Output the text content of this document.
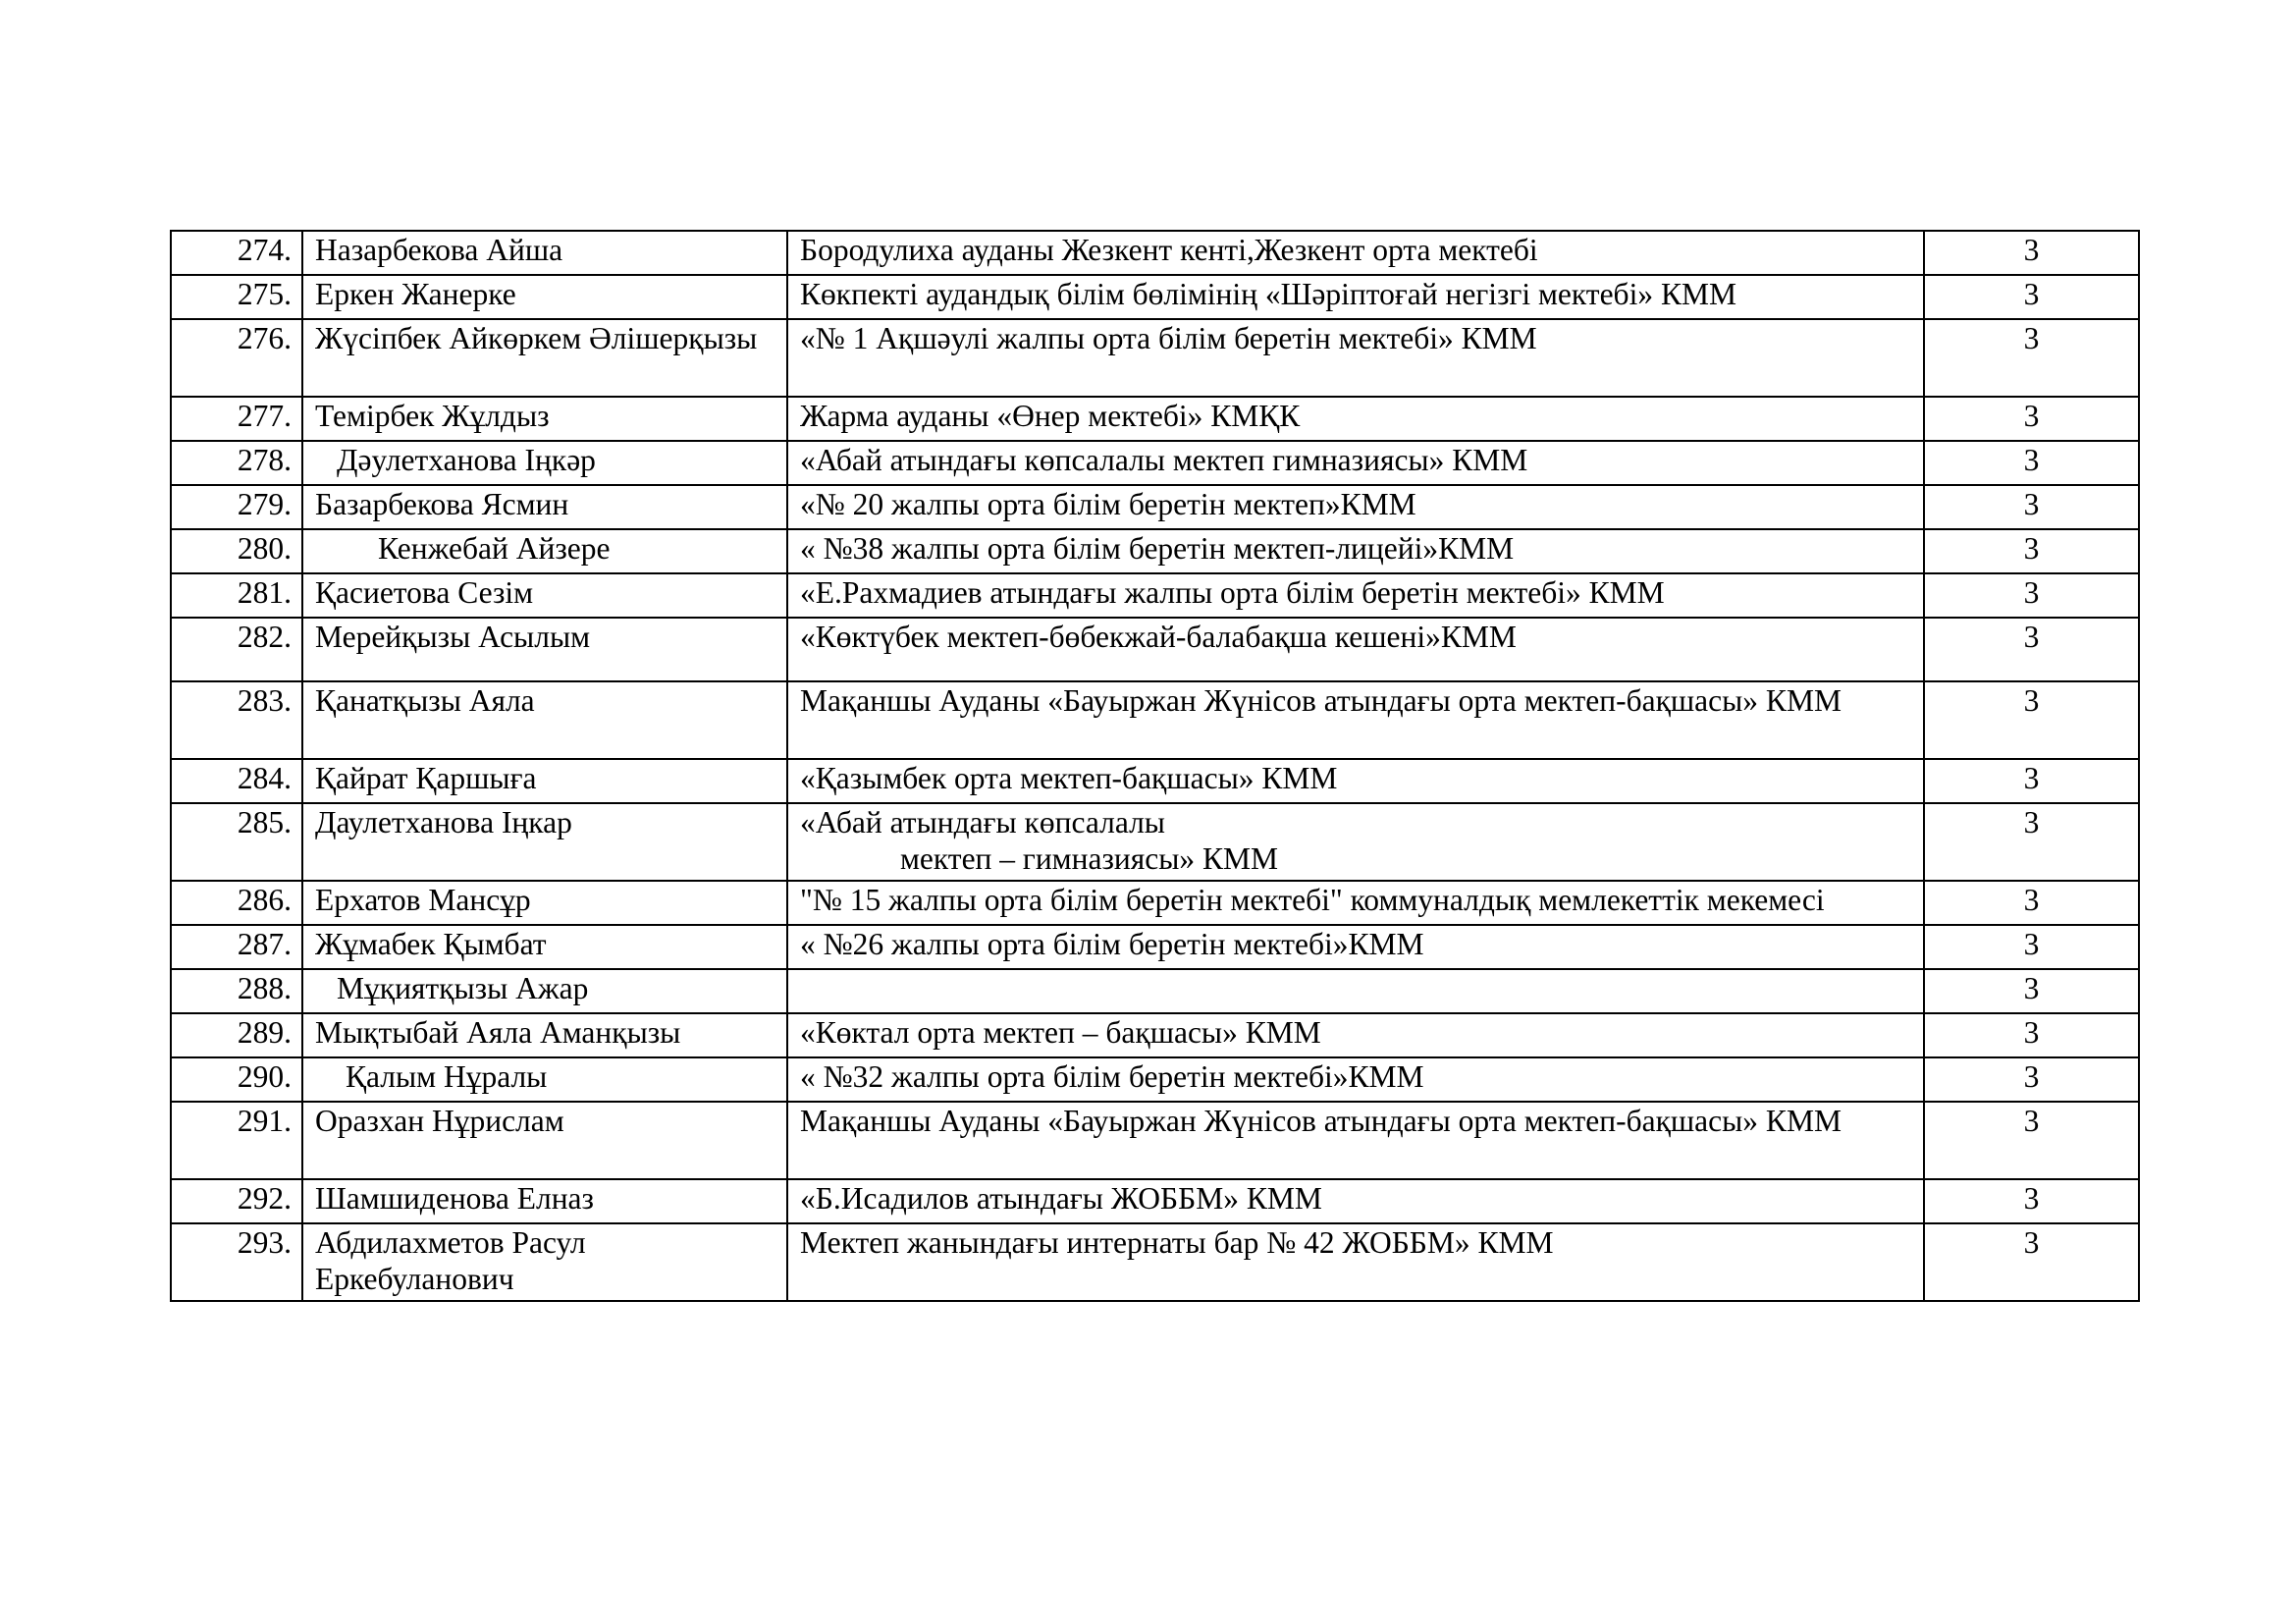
274.	Назарбекова Айша	Бородулиха ауданы Жезкент кенті,Жезкент орта мектебі	3
275.	Еркен Жанерке	Көкпекті аудандық білім бөлімінің «Шәріптоғай негізгі мектебі» КММ	3
276.	Жүсіпбек Айкөркем Әлішерқызы	«№ 1 Ақшәулі жалпы орта білім беретін мектебі» КММ	3
277.	Темірбек Жұлдыз	Жарма ауданы «Өнер мектебі» КМҚК	3
278.	Дәулетханова Іңкәр	«Абай атындағы көпсалалы мектеп гимназиясы» КММ	3
279.	Базарбекова Ясмин	«№ 20 жалпы орта білім беретін мектеп»КММ	3
280.	Кенжебай Айзере	« №38 жалпы орта білім беретін мектеп-лицейі»КММ	3
281.	Қасиетова Сезім	«Е.Рахмадиев атындағы жалпы орта білім беретін мектебі» КММ	3
282.	Мерейқызы Асылым	«Көктүбек мектеп-бөбекжай-балабақша кешені»КММ	3
283.	Қанатқызы Аяла	Мақаншы Ауданы «Бауыржан Жүнісов атындағы орта мектеп-бақшасы» КММ	3
284.	Қайрат Қаршыға	«Қазымбек орта мектеп-бақшасы» КММ	3
285.	Даулетханова Іңкар	«Абай атындағы көпсалалы
мектеп – гимназиясы» КММ	3
286.	Ерхатов Мансұр	"№ 15 жалпы орта білім беретін мектебі" коммуналдық мемлекеттік мекемесі	3
287.	Жұмабек Қымбат	« №26 жалпы орта білім беретін мектебі»КММ	3
288.	Мұқиятқызы Ажар		3
289.	Мықтыбай Аяла Аманқызы	«Көктал орта мектеп – бақшасы» КММ	3
290.	Қалым Нұралы	« №32 жалпы орта білім беретін мектебі»КММ	3
291.	Оразхан Нұрислам	Мақаншы Ауданы «Бауыржан Жүнісов атындағы орта мектеп-бақшасы» КММ	3
292.	Шамшиденова Елназ	«Б.Исадилов атындағы ЖОББМ» КММ	3
293.	Абдилахметов Расул Еркебуланович	Мектеп жанындағы интернаты бар № 42 ЖОББМ» КММ	3
